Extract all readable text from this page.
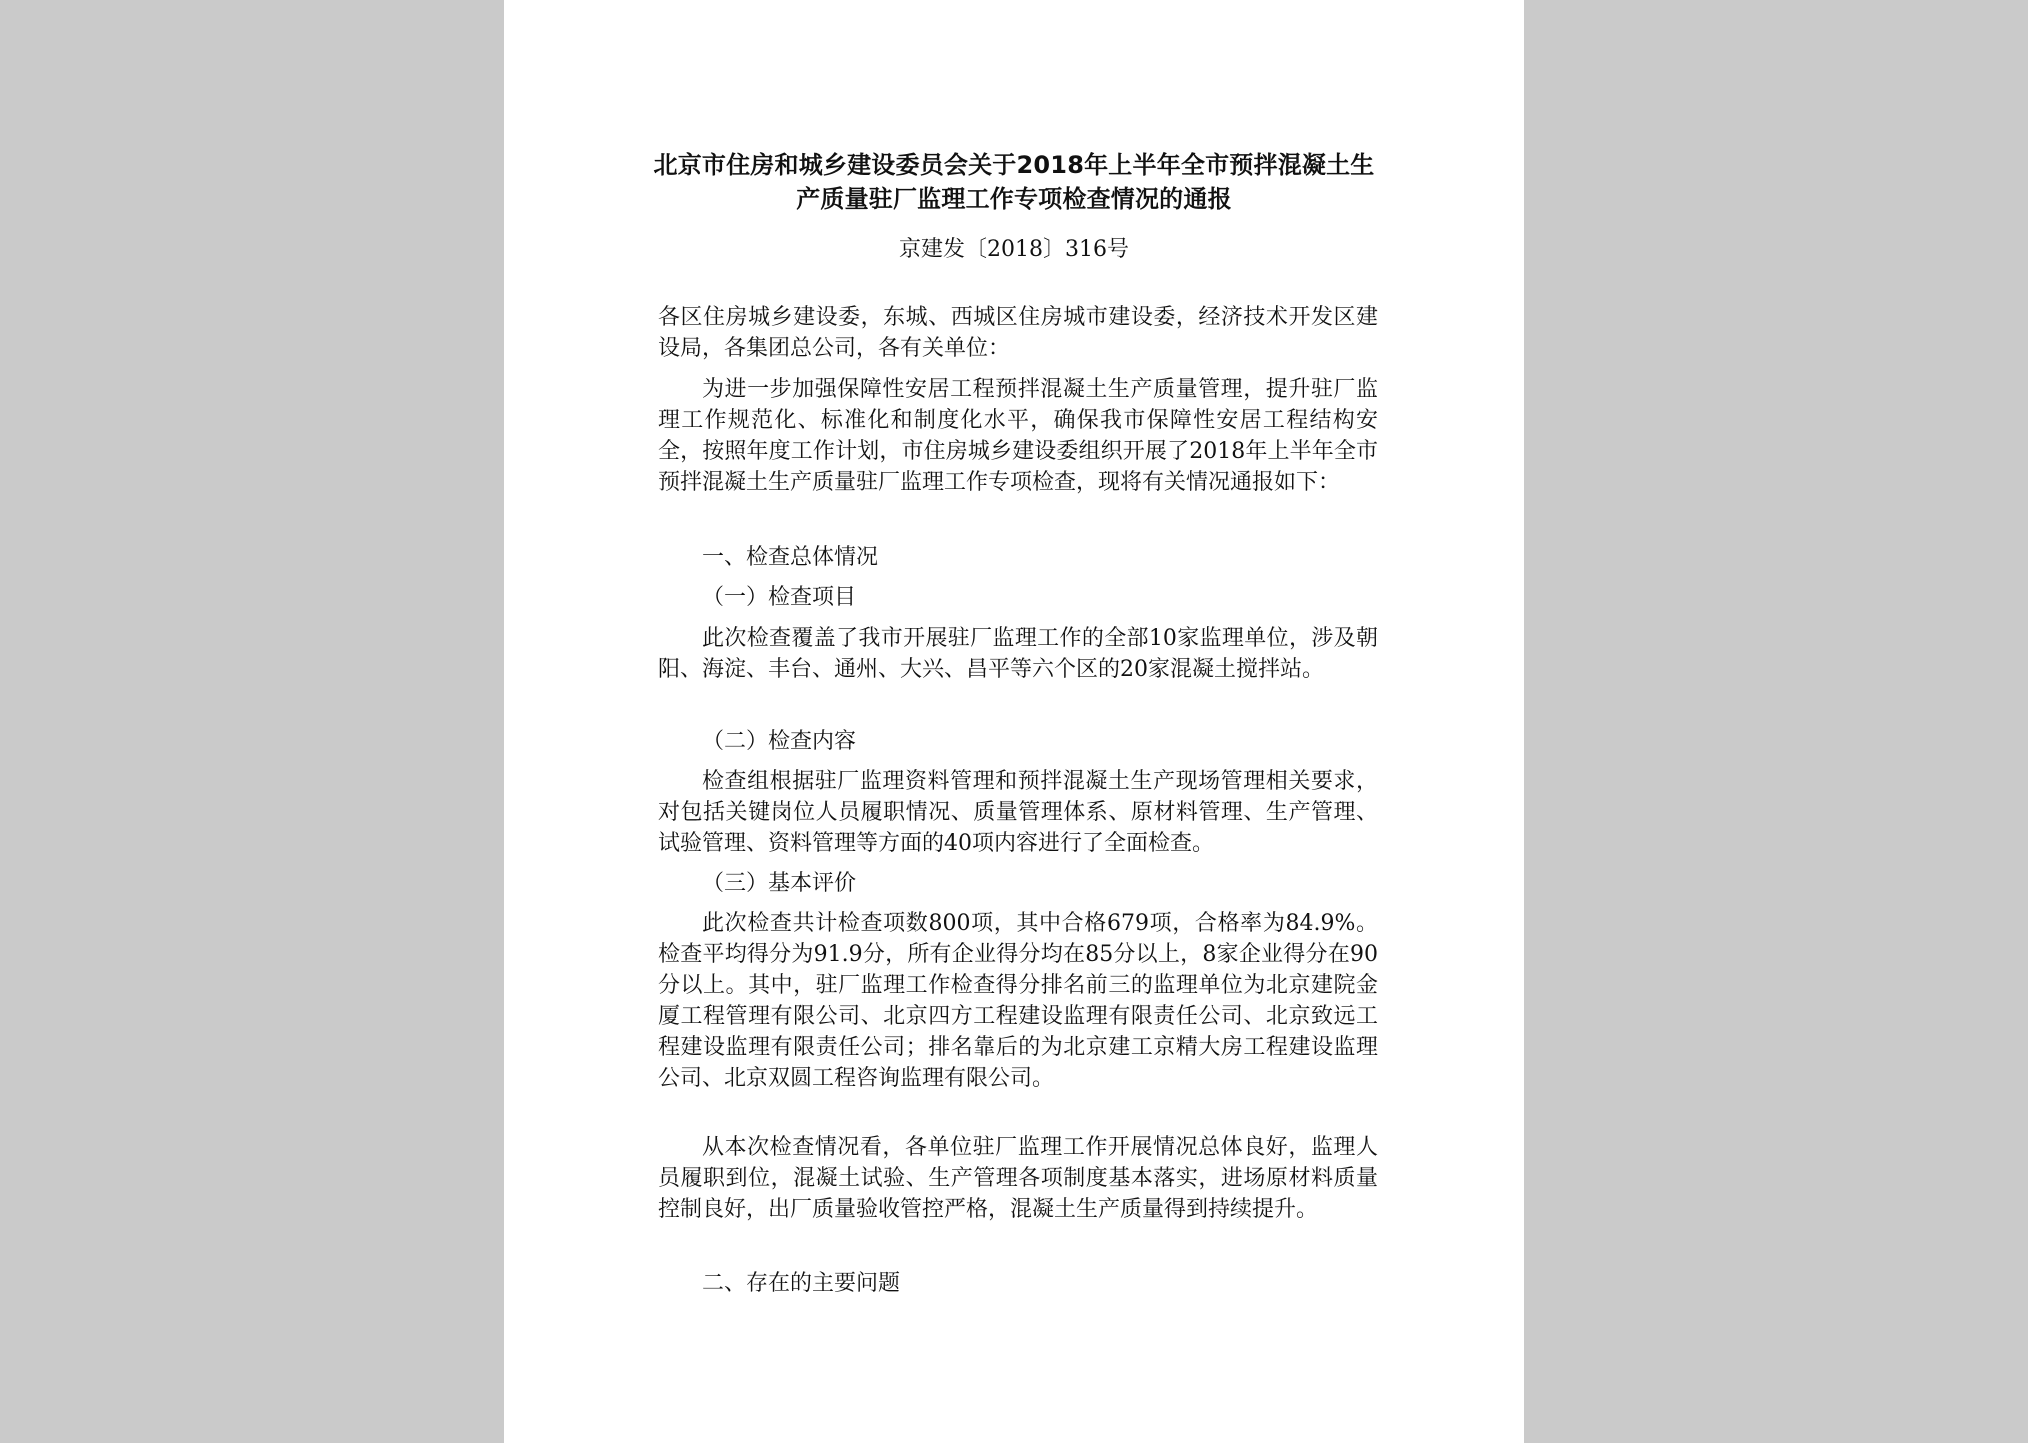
北京市住房和城乡建设委员会关于2018年上半年全市预拌混凝土生
产质量驻厂监理工作专项检查情况的通报
京建发〔2018〕316号

各区住房城乡建设委，东城、西城区住房城市建设委，经济技术开发区建设局，各集团总公司，各有关单位：

为进一步加强保障性安居工程预拌混凝土生产质量管理，提升驻厂监理工作规范化、标准化和制度化水平，确保我市保障性安居工程结构安全，按照年度工作计划，市住房城乡建设委组织开展了2018年上半年全市预拌混凝土生产质量驻厂监理工作专项检查，现将有关情况通报如下：

一、检查总体情况
（一）检查项目

此次检查覆盖了我市开展驻厂监理工作的全部10家监理单位，涉及朝阳、海淀、丰台、通州、大兴、昌平等六个区的20家混凝土搅拌站。

（二）检查内容

检查组根据驻厂监理资料管理和预拌混凝土生产现场管理相关要求，对包括关键岗位人员履职情况、质量管理体系、原材料管理、生产管理、试验管理、资料管理等方面的40项内容进行了全面检查。

（三）基本评价

此次检查共计检查项数800项，其中合格679项，合格率为84.9%。检查平均得分为91.9分，所有企业得分均在85分以上，8家企业得分在90分以上。其中，驻厂监理工作检查得分排名前三的监理单位为北京建院金厦工程管理有限公司、北京四方工程建设监理有限责任公司、北京致远工程建设监理有限责任公司；排名靠后的为北京建工京精大房工程建设监理公司、北京双圆工程咨询监理有限公司。

从本次检查情况看，各单位驻厂监理工作开展情况总体良好，监理人员履职到位，混凝土试验、生产管理各项制度基本落实，进场原材料质量控制良好，出厂质量验收管控严格，混凝土生产质量得到持续提升。

二、存在的主要问题
